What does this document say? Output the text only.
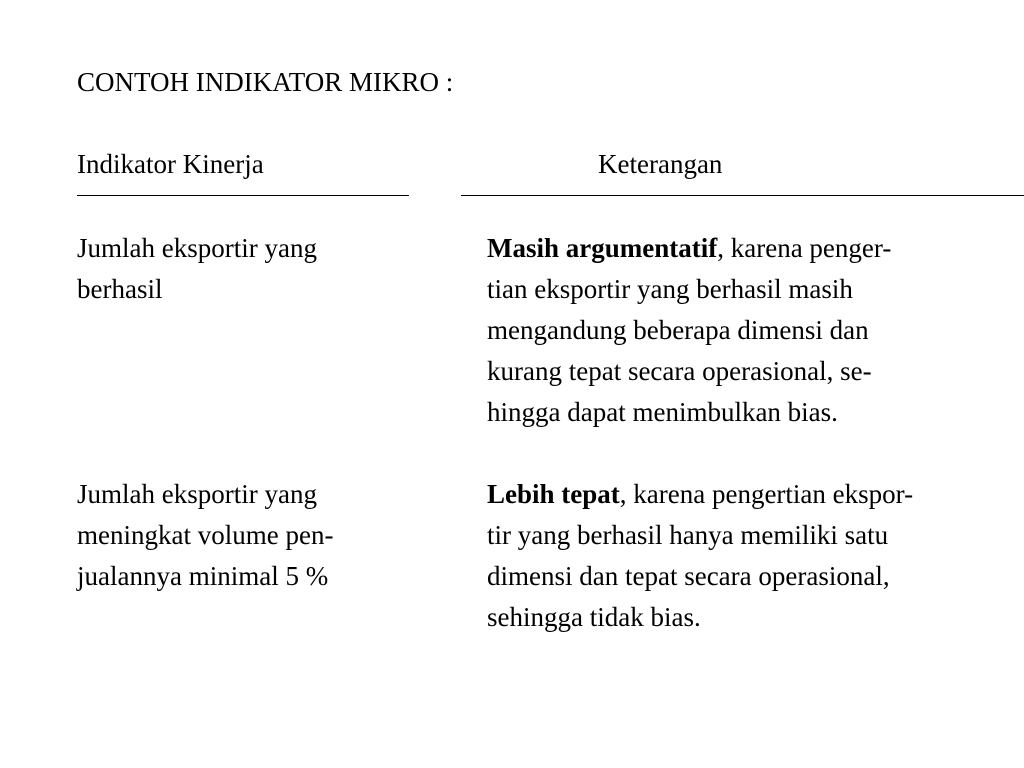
CONTOH INDIKATOR MIKRO :
Indikator Kinerja	Keterangan
Jumlah eksportir yang
berhasil
Masih argumentatif, karena penger-
tian eksportir yang berhasil masih
mengandung beberapa dimensi dan
kurang tepat secara operasional, se-
hingga dapat menimbulkan bias.
Jumlah eksportir yang
meningkat volume pen-
jualannya minimal 5 %
Lebih tepat, karena pengertian ekspor-
tir yang berhasil hanya memiliki satu
dimensi dan tepat secara operasional,
sehingga tidak bias.
